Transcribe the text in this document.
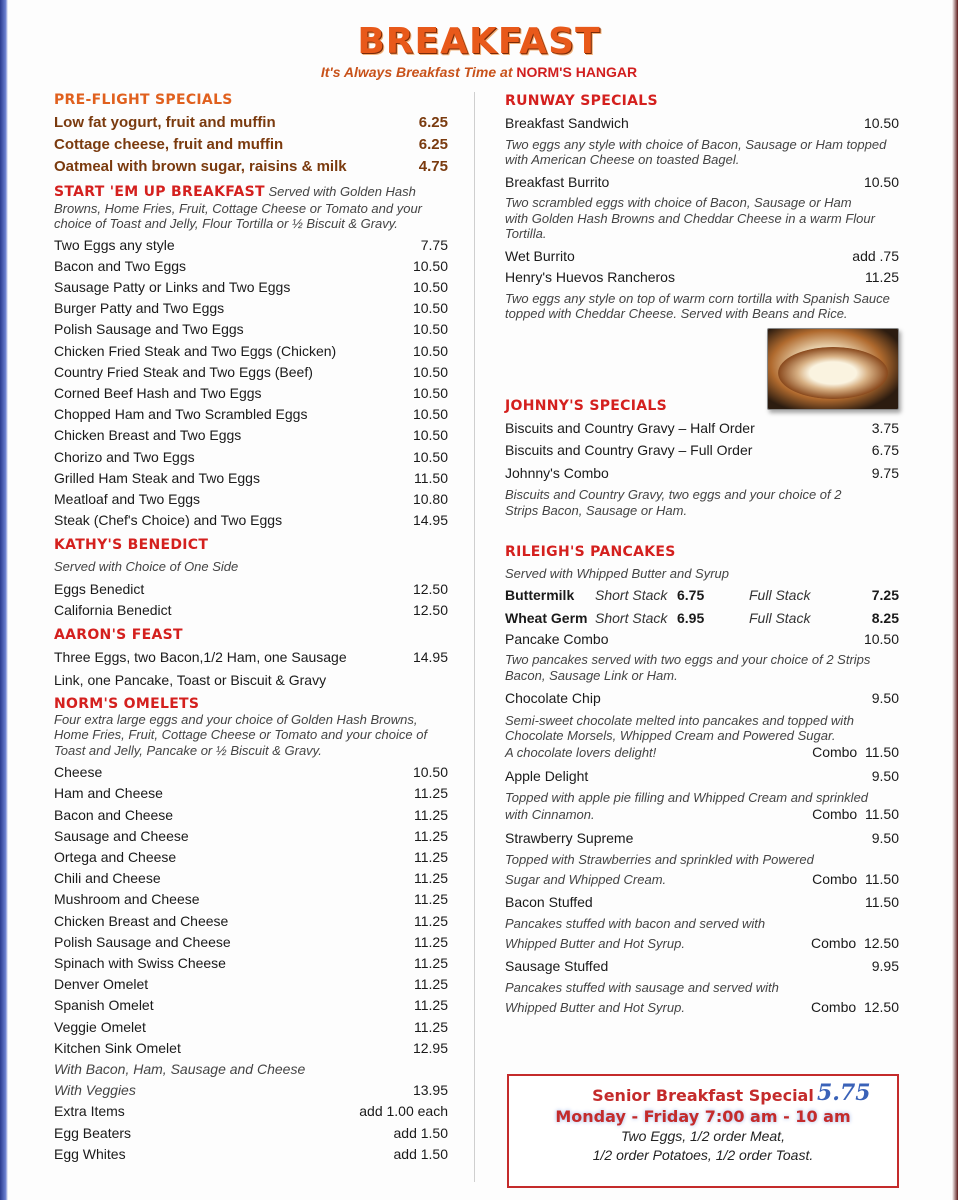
BREAKFAST
It's Always Breakfast Time at NORM'S HANGAR
PRE-FLIGHT SPECIALS
Low fat yogurt, fruit and muffin	6.25
Cottage cheese, fruit and muffin	6.25
Oatmeal with brown sugar, raisins & milk	4.75
START 'EM UP BREAKFAST Served with Golden Hash Browns, Home Fries, Fruit, Cottage Cheese or Tomato and your choice of Toast and Jelly, Flour Tortilla or ½ Biscuit & Gravy.
Two Eggs any style	7.75
Bacon and Two Eggs	10.50
Sausage Patty or Links and Two Eggs	10.50
Burger Patty and Two Eggs	10.50
Polish Sausage and Two Eggs	10.50
Chicken Fried Steak and Two Eggs (Chicken)	10.50
Country Fried Steak and Two Eggs (Beef)	10.50
Corned Beef Hash and Two Eggs	10.50
Chopped Ham and Two Scrambled Eggs	10.50
Chicken Breast and Two Eggs	10.50
Chorizo and Two Eggs	10.50
Grilled Ham Steak and Two Eggs	11.50
Meatloaf and Two Eggs	10.80
Steak (Chef's Choice) and Two Eggs	14.95
KATHY'S BENEDICT
Served with Choice of One Side
Eggs Benedict	12.50
California Benedict	12.50
AARON'S FEAST
Three Eggs, two Bacon,1/2 Ham, one Sausage	14.95
Link, one Pancake, Toast or Biscuit & Gravy
NORM'S OMELETS
Four extra large eggs and your choice of Golden Hash Browns, Home Fries, Fruit, Cottage Cheese or Tomato and your choice of Toast and Jelly, Pancake or ½ Biscuit & Gravy.
Cheese	10.50
Ham and Cheese	11.25
Bacon and Cheese	11.25
Sausage and Cheese	11.25
Ortega and Cheese	11.25
Chili and Cheese	11.25
Mushroom and Cheese	11.25
Chicken Breast and Cheese	11.25
Polish Sausage and Cheese	11.25
Spinach with Swiss Cheese	11.25
Denver Omelet	11.25
Spanish Omelet	11.25
Veggie Omelet	11.25
Kitchen Sink Omelet	12.95
With Bacon, Ham, Sausage and Cheese
With Veggies	13.95
Extra Items	add 1.00 each
Egg Beaters	add 1.50
Egg Whites	add 1.50
RUNWAY SPECIALS
Breakfast Sandwich	10.50
Two eggs any style with choice of Bacon, Sausage or Ham topped with American Cheese on toasted Bagel.
Breakfast Burrito	10.50
Two scrambled eggs with choice of Bacon, Sausage or Ham with Golden Hash Browns and Cheddar Cheese in a warm Flour Tortilla.
Wet Burrito	add .75
Henry's Huevos Rancheros	11.25
Two eggs any style on top of warm corn tortilla with Spanish Sauce topped with Cheddar Cheese. Served with Beans and Rice.
JOHNNY'S SPECIALS
Biscuits and Country Gravy – Half Order	3.75
Biscuits and Country Gravy – Full Order	6.75
Johnny's Combo	9.75
Biscuits and Country Gravy, two eggs and your choice of 2 Strips Bacon, Sausage or Ham.
RILEIGH'S PANCAKES
Served with Whipped Butter and Syrup
Buttermilk	Short Stack 6.75	Full Stack	7.25
Wheat Germ Short Stack 6.95	Full Stack	8.25
Pancake Combo	10.50
Two pancakes served with two eggs and your choice of 2 Strips Bacon, Sausage Link or Ham.
Chocolate Chip	9.50
Semi-sweet chocolate melted into pancakes and topped with Chocolate Morsels, Whipped Cream and Powered Sugar.
A chocolate lovers delight!	Combo 11.50
Apple Delight	9.50
Topped with apple pie filling and Whipped Cream and sprinkled
with Cinnamon.	Combo 11.50
Strawberry Supreme	9.50
Topped with Strawberries and sprinkled with Powered
Sugar and Whipped Cream.	Combo 11.50
Bacon Stuffed	11.50
Pancakes stuffed with bacon and served with
Whipped Butter and Hot Syrup.	Combo 12.50
Sausage Stuffed	9.95
Pancakes stuffed with sausage and served with
Whipped Butter and Hot Syrup.	Combo 12.50
Senior Breakfast Special 5.75
Monday - Friday 7:00 am - 10 am
Two Eggs, 1/2 order Meat,
1/2 order Potatoes, 1/2 order Toast.
